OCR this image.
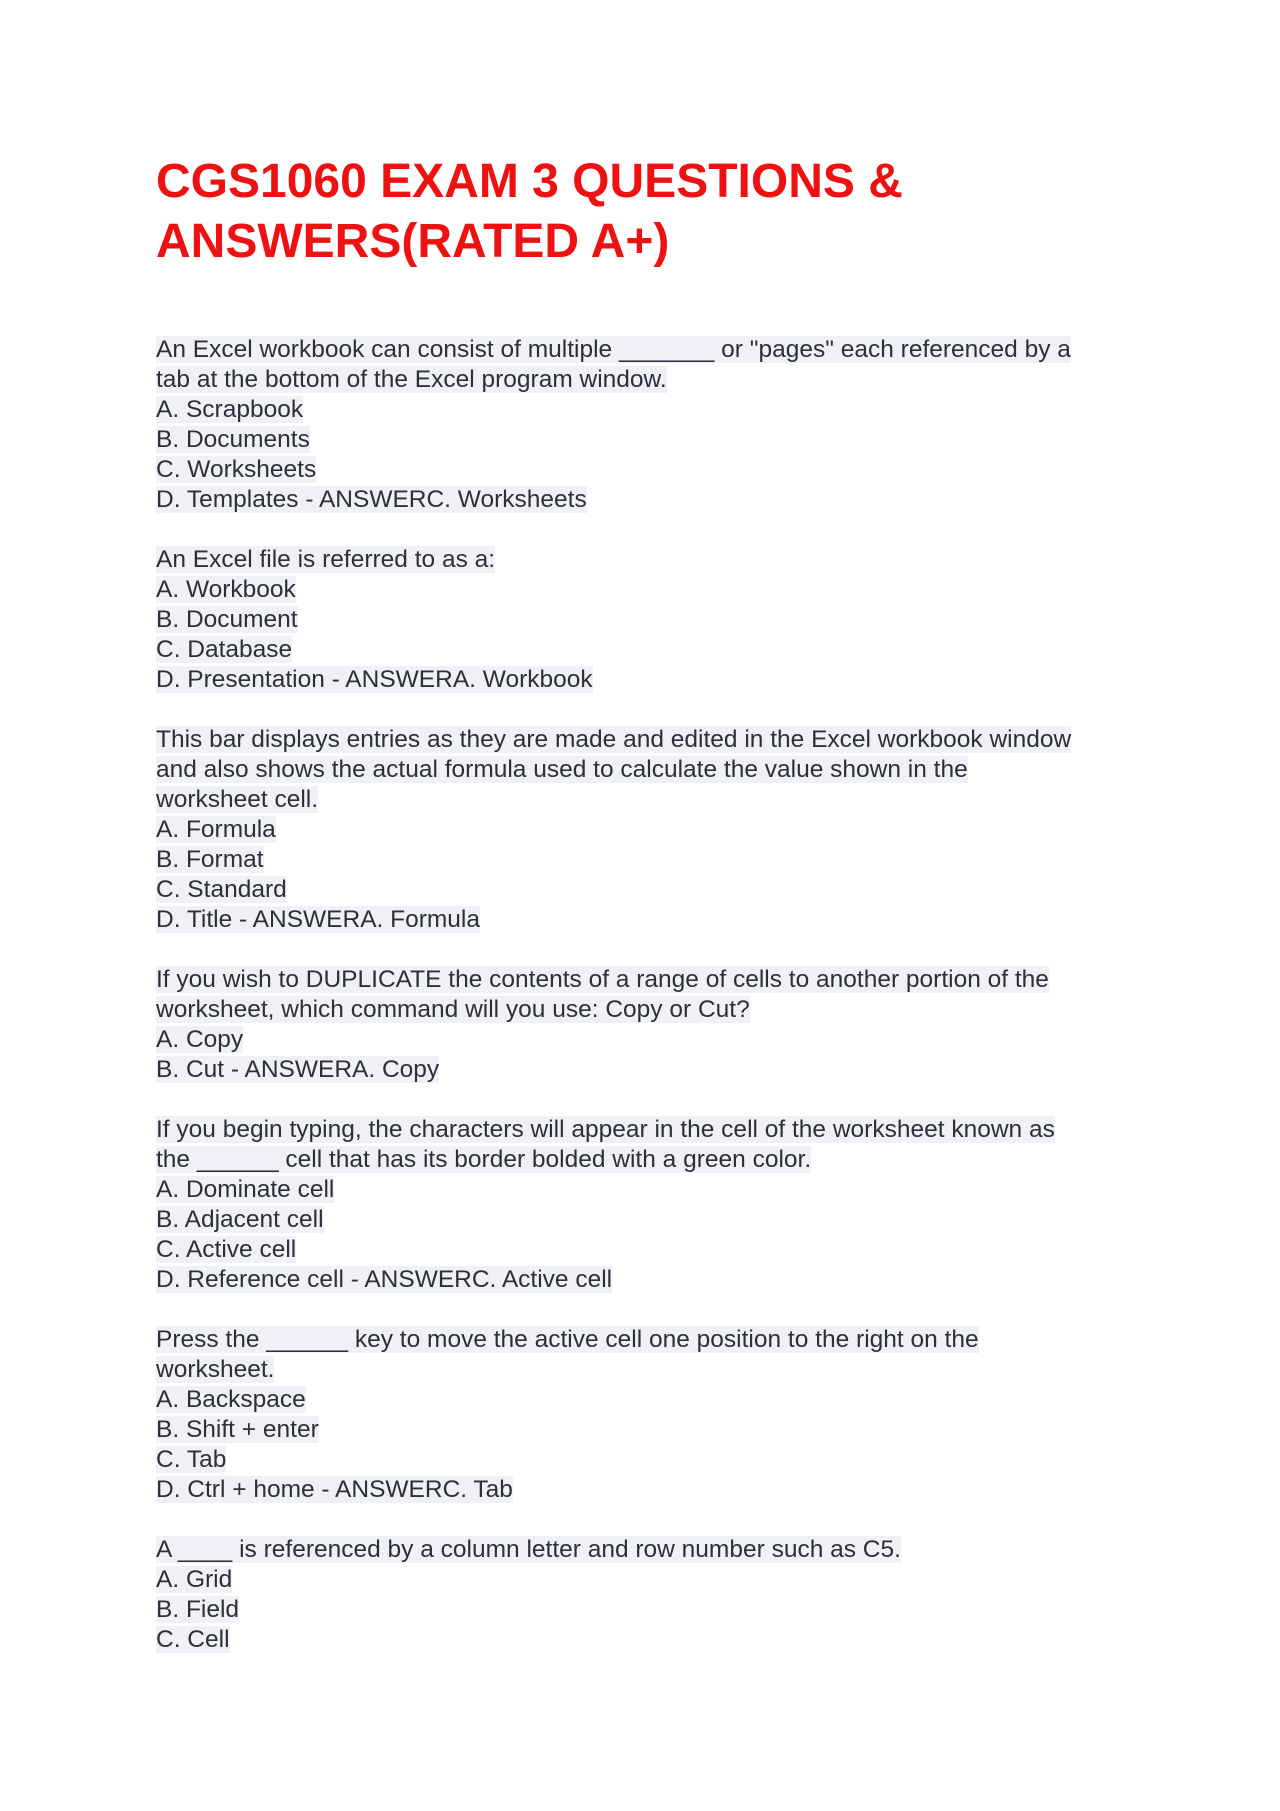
CGS1060 EXAM 3 QUESTIONS &
ANSWERS(RATED A+)
An Excel workbook can consist of multiple _______ or "pages" each referenced by a
tab at the bottom of the Excel program window.
A. Scrapbook
B. Documents
C. Worksheets
D. Templates - ANSWERC. Worksheets
An Excel file is referred to as a:
A. Workbook
B. Document
C. Database
D. Presentation - ANSWERA. Workbook
This bar displays entries as they are made and edited in the Excel workbook window
and also shows the actual formula used to calculate the value shown in the
worksheet cell.
A. Formula
B. Format
C. Standard
D. Title - ANSWERA. Formula
If you wish to DUPLICATE the contents of a range of cells to another portion of the
worksheet, which command will you use: Copy or Cut?
A. Copy
B. Cut - ANSWERA. Copy
If you begin typing, the characters will appear in the cell of the worksheet known as
the ______ cell that has its border bolded with a green color.
A. Dominate cell
B. Adjacent cell
C. Active cell
D. Reference cell - ANSWERC. Active cell
Press the ______ key to move the active cell one position to the right on the
worksheet.
A. Backspace
B. Shift + enter
C. Tab
D. Ctrl + home - ANSWERC. Tab
A ____ is referenced by a column letter and row number such as C5.
A. Grid
B. Field
C. Cell
